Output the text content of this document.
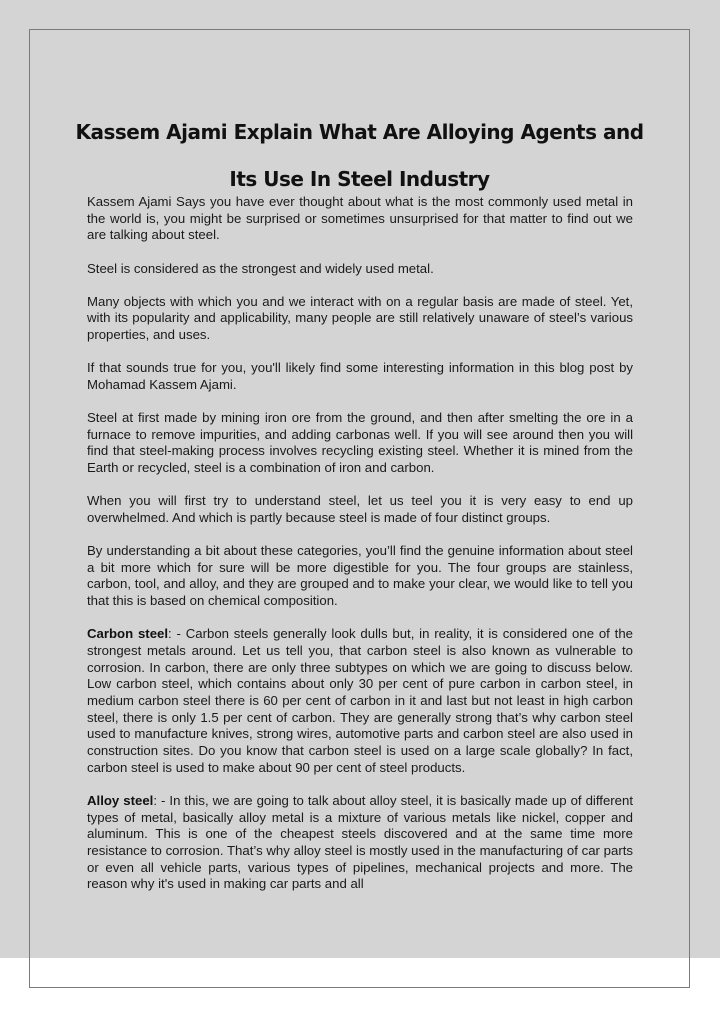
Kassem Ajami Explain What Are Alloying Agents and
Its Use In Steel Industry

Kassem Ajami Says you have ever thought about what is the most commonly used metal in the world is, you might be surprised or sometimes unsurprised for that matter to find out we are talking about steel.

Steel is considered as the strongest and widely used metal.

Many objects with which you and we interact with on a regular basis are made of steel. Yet, with its popularity and applicability, many people are still relatively unaware of steel’s various properties, and uses.

If that sounds true for you, you'll likely find some interesting information in this blog post by Mohamad Kassem Ajami.

Steel at first made by mining iron ore from the ground, and then after smelting the ore in a furnace to remove impurities, and adding carbonas well. If you will see around then you will find that steel-making process involves recycling existing steel. Whether it is mined from the Earth or recycled, steel is a combination of iron and carbon.

When you will first try to understand steel, let us teel you it is very easy to end up overwhelmed. And which is partly because steel is made of four distinct groups.

By understanding a bit about these categories, you’ll find the genuine information about steel a bit more which for sure will be more digestible for you. The four groups are stainless, carbon, tool, and alloy, and they are grouped and to make your clear, we would like to tell you that this is based on chemical composition.

Carbon steel: - Carbon steels generally look dulls but, in reality, it is considered one of the strongest metals around. Let us tell you, that carbon steel is also known as vulnerable to corrosion. In carbon, there are only three subtypes on which we are going to discuss below. Low carbon steel, which contains about only 30 per cent of pure carbon in carbon steel, in medium carbon steel there is 60 per cent of carbon in it and last but not least in high carbon steel, there is only 1.5 per cent of carbon. They are generally strong that’s why carbon steel used to manufacture knives, strong wires, automotive parts and carbon steel are also used in construction sites. Do you know that carbon steel is used on a large scale globally? In fact, carbon steel is used to make about 90 per cent of steel products.

Alloy steel: - In this, we are going to talk about alloy steel, it is basically made up of different types of metal, basically alloy metal is a mixture of various metals like nickel, copper and aluminum. This is one of the cheapest steels discovered and at the same time more resistance to corrosion. That’s why alloy steel is mostly used in the manufacturing of car parts or even all vehicle parts, various types of pipelines, mechanical projects and more. The reason why it's used in making car parts and all
